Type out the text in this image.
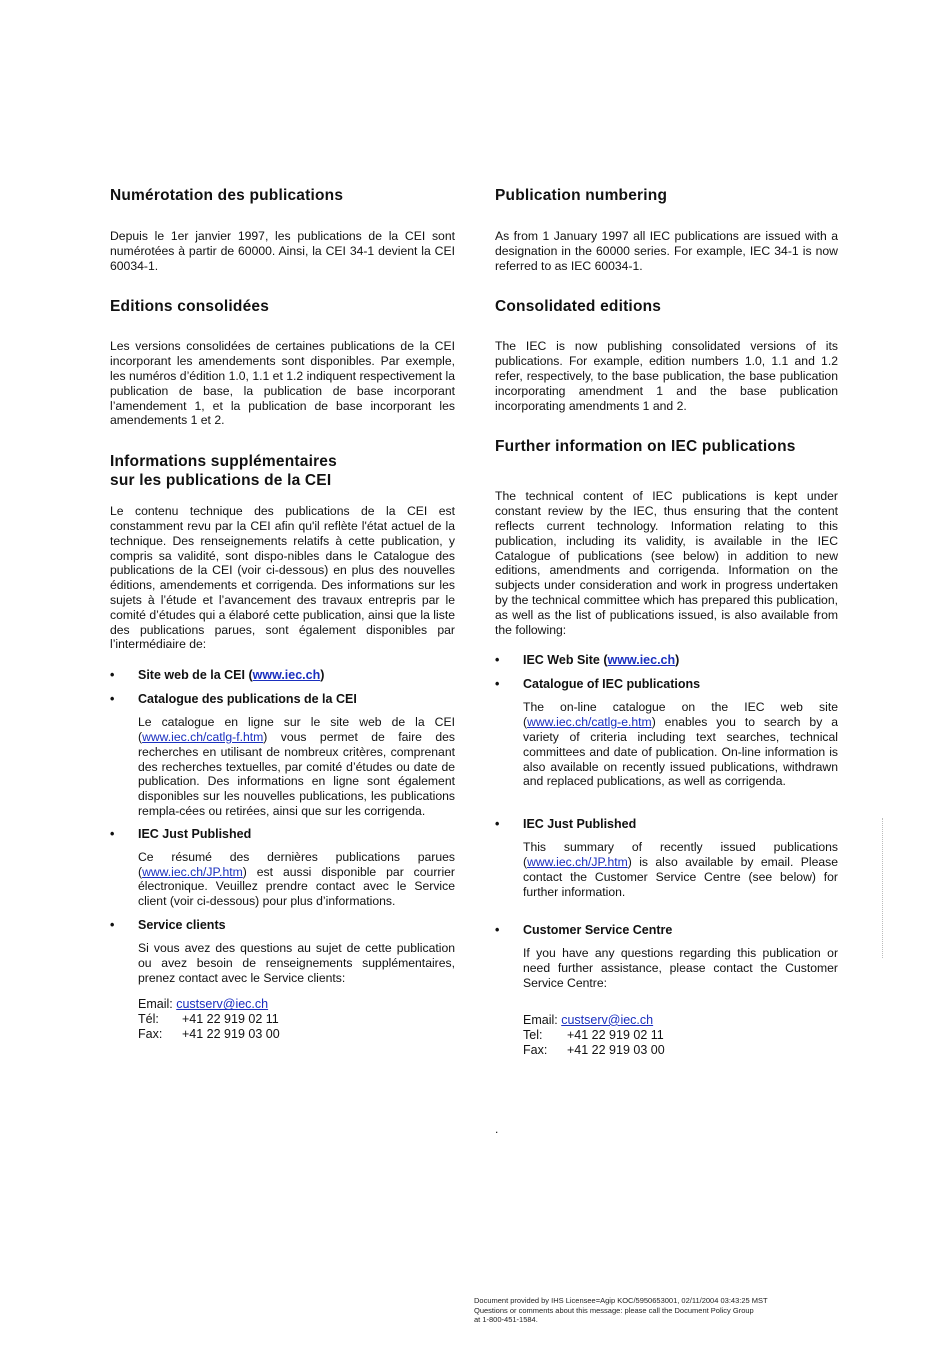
Numérotation des publications

Depuis le 1er janvier 1997, les publications de la CEI sont numérotées à partir de 60000. Ainsi, la CEI 34-1 devient la CEI 60034-1.

Editions consolidées

Les versions consolidées de certaines publications de la CEI incorporant les amendements sont disponibles. Par exemple, les numéros d’édition 1.0, 1.1 et 1.2 indiquent respectivement la publication de base, la publication de base incorporant l’amendement 1, et la publication de base incorporant les amendements 1 et 2.

Informations supplémentaires
sur les publications de la CEI

Le contenu technique des publications de la CEI est constamment revu par la CEI afin qu'il reflète l'état actuel de la technique. Des renseignements relatifs à cette publication, y compris sa validité, sont dispo-nibles dans le Catalogue des publications de la CEI (voir ci-dessous) en plus des nouvelles éditions, amendements et corrigenda. Des informations sur les sujets à l’étude et l’avancement des travaux entrepris par le comité d’études qui a élaboré cette publication, ainsi que la liste des publications parues, sont également disponibles par l’intermédiaire de:

• Site web de la CEI (www.iec.ch)
• Catalogue des publications de la CEI

Le catalogue en ligne sur le site web de la CEI (www.iec.ch/catlg-f.htm) vous permet de faire des recherches en utilisant de nombreux critères, comprenant des recherches textuelles, par comité d’études ou date de publication. Des informations en ligne sont également disponibles sur les nouvelles publications, les publications rempla-cées ou retirées, ainsi que sur les corrigenda.

• IEC Just Published

Ce résumé des dernières publications parues (www.iec.ch/JP.htm) est aussi disponible par courrier électronique. Veuillez prendre contact avec le Service client (voir ci-dessous) pour plus d’informations.

• Service clients

Si vous avez des questions au sujet de cette publication ou avez besoin de renseignements supplémentaires, prenez contact avec le Service clients:

Email: custserv@iec.ch
Tél: +41 22 919 02 11
Fax: +41 22 919 03 00
Publication numbering

As from 1 January 1997 all IEC publications are issued with a designation in the 60000 series. For example, IEC 34-1 is now referred to as IEC 60034-1.

Consolidated editions

The IEC is now publishing consolidated versions of its publications. For example, edition numbers 1.0, 1.1 and 1.2 refer, respectively, to the base publication, the base publication incorporating amendment 1 and the base publication incorporating amendments 1 and 2.

Further information on IEC publications

The technical content of IEC publications is kept under constant review by the IEC, thus ensuring that the content reflects current technology. Information relating to this publication, including its validity, is available in the IEC Catalogue of publications (see below) in addition to new editions, amendments and corrigenda. Information on the subjects under consideration and work in progress undertaken by the technical committee which has prepared this publication, as well as the list of publications issued, is also available from the following:

• IEC Web Site (www.iec.ch)
• Catalogue of IEC publications

The on-line catalogue on the IEC web site (www.iec.ch/catlg-e.htm) enables you to search by a variety of criteria including text searches, technical committees and date of publication. On-line information is also available on recently issued publications, withdrawn and replaced publications, as well as corrigenda.

• IEC Just Published

This summary of recently issued publications (www.iec.ch/JP.htm) is also available by email. Please contact the Customer Service Centre (see below) for further information.

• Customer Service Centre

If you have any questions regarding this publication or need further assistance, please contact the Customer Service Centre:

Email: custserv@iec.ch
Tel: +41 22 919 02 11
Fax: +41 22 919 03 00
.
Document provided by IHS Licensee=Agip KOC/5950653001, 02/11/2004 03:43:25 MST
Questions or comments about this message: please call the Document Policy Group
at 1-800-451-1584.
